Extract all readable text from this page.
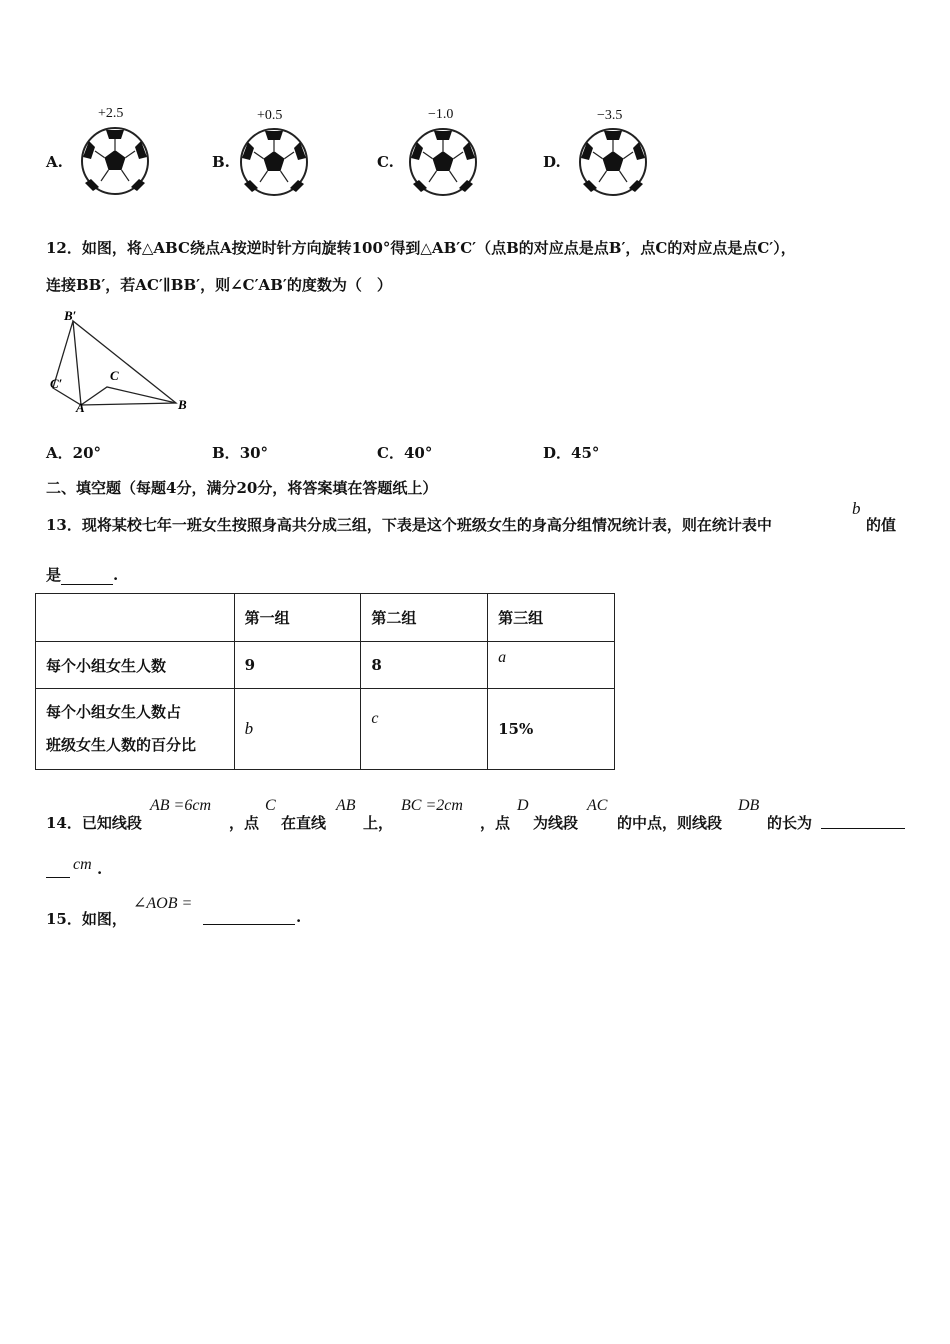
A.
+2.5
B.
+0.5
C.
−1.0
D.
−3.5
12．如图，将△ABC绕点A按逆时针方向旋转100°得到△AB′C′（点B的对应点是点B′，点C的对应点是点C′），
连接BB′，若AC′∥BB′，则∠C′AB′的度数为（　）
B′
C′
A
C
B
A．20°	B．30°	C．40°	D．45°
二、填空题（每题4分，满分20分，将答案填在答题纸上）
13．现将某校七年一班女生按照身高共分成三组，下表是这个班级女生的身高分组情况统计表，则在统计表中
b
的值
是	.
	第一组	第二组	第三组
每个小组女生人数	9	8	a

每个小组女生人数占
班级女生人数的百分比	b	c	15%
14．已知线段
AB =6cm
，点
C
在直线
AB
上，
BC =2cm
，点
D
为线段
AC
的中点，则线段
DB
的长为
cm .
15．如图，
∠AOB =
.
